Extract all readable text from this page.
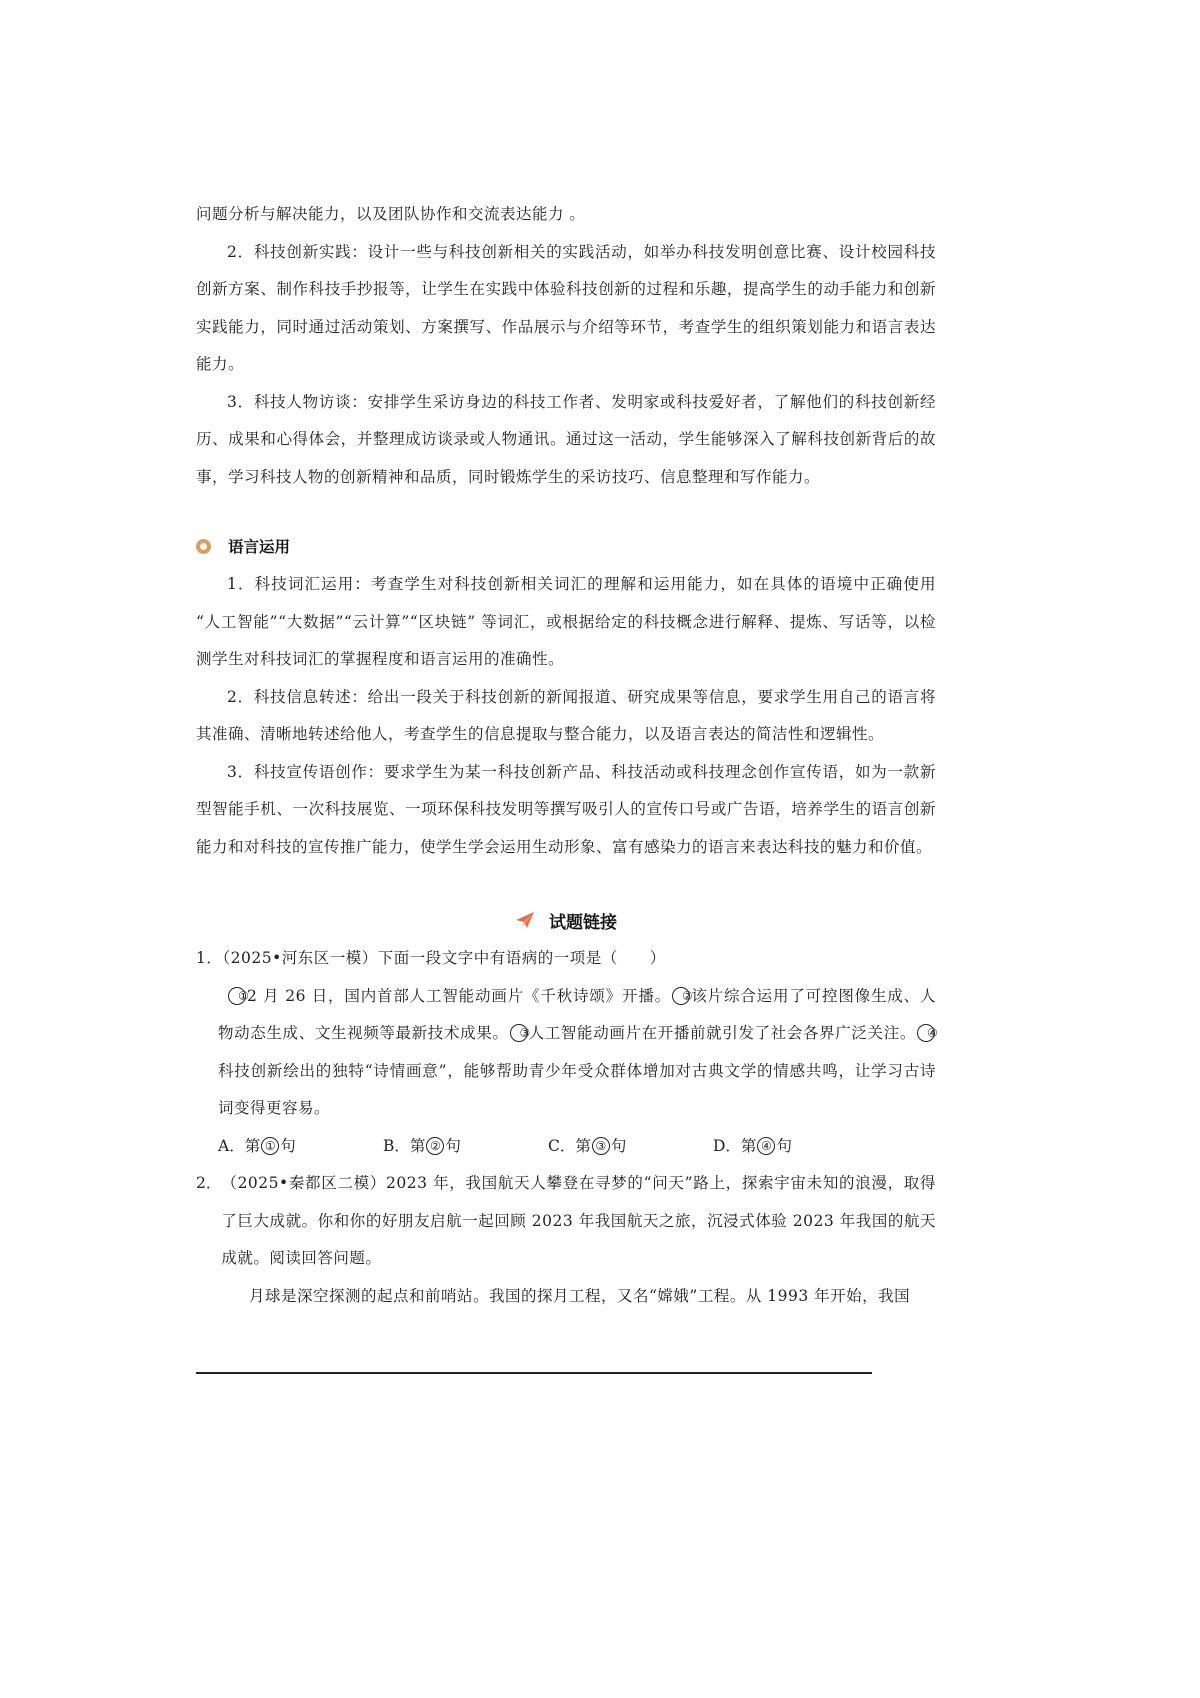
问题分析与解决能力，以及团队协作和交流表达能力 。

2．科技创新实践：设计一些与科技创新相关的实践活动，如举办科技发明创意比赛、设计校园科技创新方案、制作科技手抄报等，让学生在实践中体验科技创新的过程和乐趣，提高学生的动手能力和创新实践能力，同时通过活动策划、方案撰写、作品展示与介绍等环节，考查学生的组织策划能力和语言表达能力。

3．科技人物访谈：安排学生采访身边的科技工作者、发明家或科技爱好者，了解他们的科技创新经历、成果和心得体会，并整理成访谈录或人物通讯。通过这一活动，学生能够深入了解科技创新背后的故事，学习科技人物的创新精神和品质，同时锻炼学生的采访技巧、信息整理和写作能力。

语言运用

1．科技词汇运用：考查学生对科技创新相关词汇的理解和运用能力，如在具体的语境中正确使用 “人工智能”“大数据”“云计算”“区块链” 等词汇，或根据给定的科技概念进行解释、提炼、写话等，以检测学生对科技词汇的掌握程度和语言运用的准确性。

2．科技信息转述：给出一段关于科技创新的新闻报道、研究成果等信息，要求学生用自己的语言将其准确、清晰地转述给他人，考查学生的信息提取与整合能力，以及语言表达的简洁性和逻辑性。

3．科技宣传语创作：要求学生为某一科技创新产品、科技活动或科技理念创作宣传语，如为一款新型智能手机、一次科技展览、一项环保科技发明等撰写吸引人的宣传口号或广告语，培养学生的语言创新能力和对科技的宣传推广能力，使学生学会运用生动形象、富有感染力的语言来表达科技的魅力和价值。

试题链接

1．（2025•河东区一模）下面一段文字中有语病的一项是（　　）

①2 月 26 日，国内首部人工智能动画片《千秋诗颂》开播。 ②该片综合运用了可控图像生成、人物动态生成、文生视频等最新技术成果。 ③人工智能动画片在开播前就引发了社会各界广泛关注。 ④科技创新绘出的独特“诗情画意”，能够帮助青少年受众群体增加对古典文学的情感共鸣，让学习古诗词变得更容易。

A．第 ① 句	B．第 ② 句	C．第 ③ 句	D．第 ④ 句
2． （2025•秦都区二模）2023 年，我国航天人攀登在寻梦的“问天”路上，探索宇宙未知的浪漫，取得了巨大成就。你和你的好朋友启航一起回顾 2023 年我国航天之旅，沉浸式体验 2023 年我国的航天成就。阅读回答问题。

月球是深空探测的起点和前哨站。我国的探月工程，又名“嫦娥”工程。从 1993 年开始，我国
